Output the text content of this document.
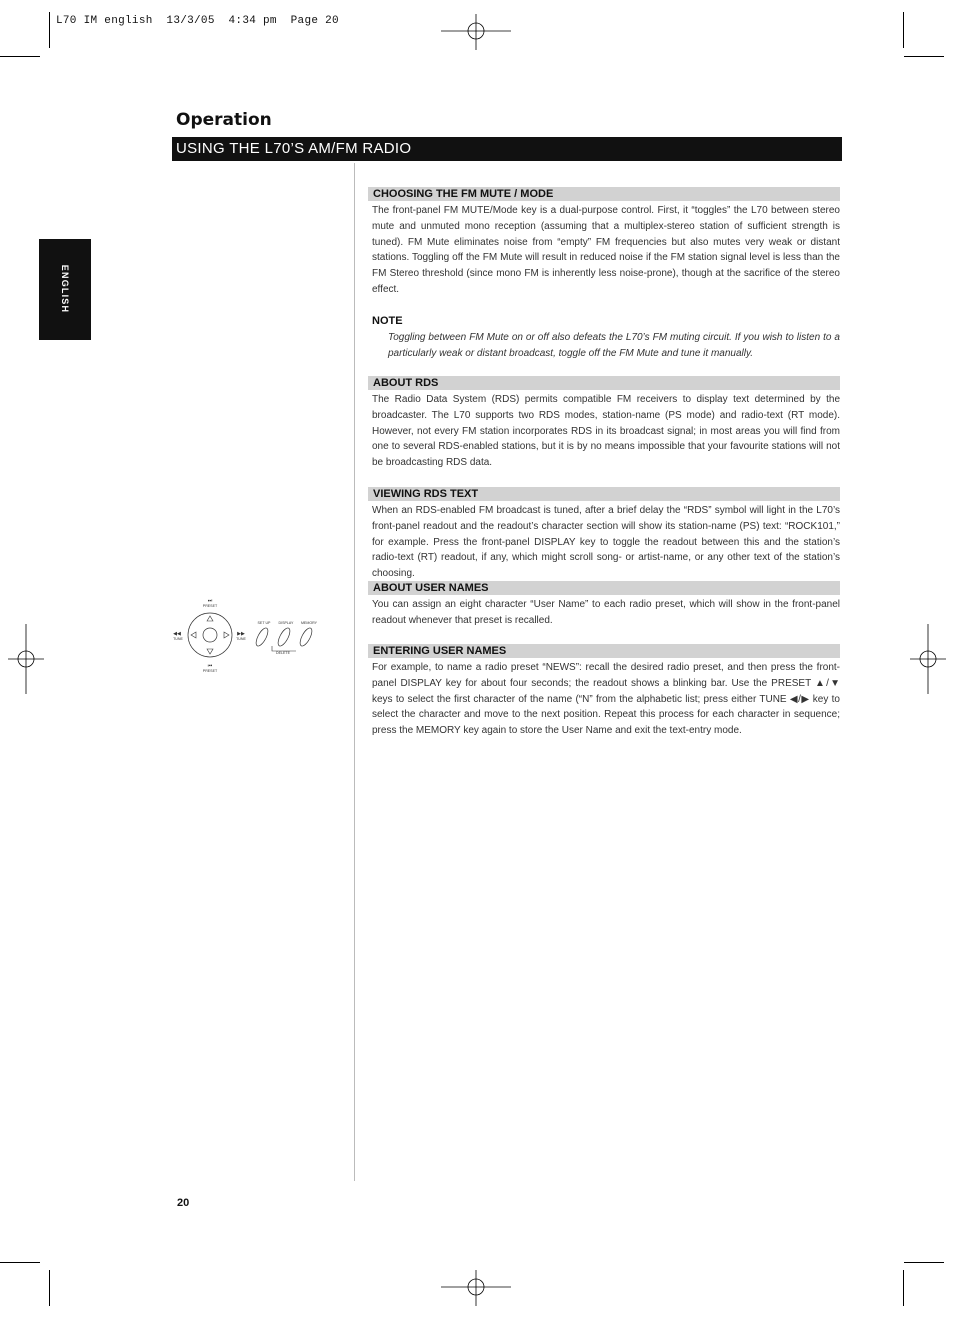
L70 IM english  13/3/05  4:34 pm  Page 20
Operation
USING THE L70’S AM/FM RADIO
ENGLISH
⏭
PRESET
⏮
PRESET
◀◀
TUNE
▶▶
TUNE
SET UP DISPLAY MEMORY
DELETE
CHOOSING THE FM MUTE / MODE
The front-panel FM MUTE/Mode key is a dual-purpose control. First, it “toggles” the L70 between stereo mute and unmuted mono reception (assuming that a multiplex-stereo station of sufficient strength is tuned). FM Mute eliminates noise from “empty” FM frequencies but also mutes very weak or distant stations. Toggling off the FM Mute will result in reduced noise if the FM station signal level is less than the FM Stereo threshold (since mono FM is inherently less noise-prone), though at the sacrifice of the stereo effect.
NOTE
Toggling between FM Mute on or off also defeats the L70’s FM muting circuit. If you wish to listen to a particularly weak or distant broadcast, toggle off the FM Mute and tune it manually.
ABOUT RDS
The Radio Data System (RDS) permits compatible FM receivers to display text determined by the broadcaster. The L70 supports two RDS modes, station-name (PS mode) and radio-text (RT mode). However, not every FM station incorporates RDS in its broadcast signal; in most areas you will find from one to several RDS-enabled stations, but it is by no means impossible that your favourite stations will not be broadcasting RDS data.
VIEWING RDS TEXT
When an RDS-enabled FM broadcast is tuned, after a brief delay the “RDS” symbol will light in the L70’s front-panel readout and the readout’s character section will show its station-name (PS) text: “ROCK101,” for example. Press the front-panel DISPLAY key to toggle the readout between this and the station’s radio-text (RT) readout, if any, which might scroll song- or artist-name, or any other text of the station’s choosing.
ABOUT USER NAMES
You can assign an eight character “User Name” to each radio preset, which will show in the front-panel readout whenever that preset is recalled.
ENTERING USER NAMES
For example, to name a radio preset “NEWS”: recall the desired radio preset, and then press the front-panel DISPLAY key for about four seconds; the readout shows a blinking bar. Use the PRESET ▲/▼ keys to select the first character of the name (“N” from the alphabetic list; press either TUNE ◀/▶ key to select the character and move to the next position. Repeat this process for each character in sequence; press the MEMORY key again to store the User Name and exit the text-entry mode.
20
